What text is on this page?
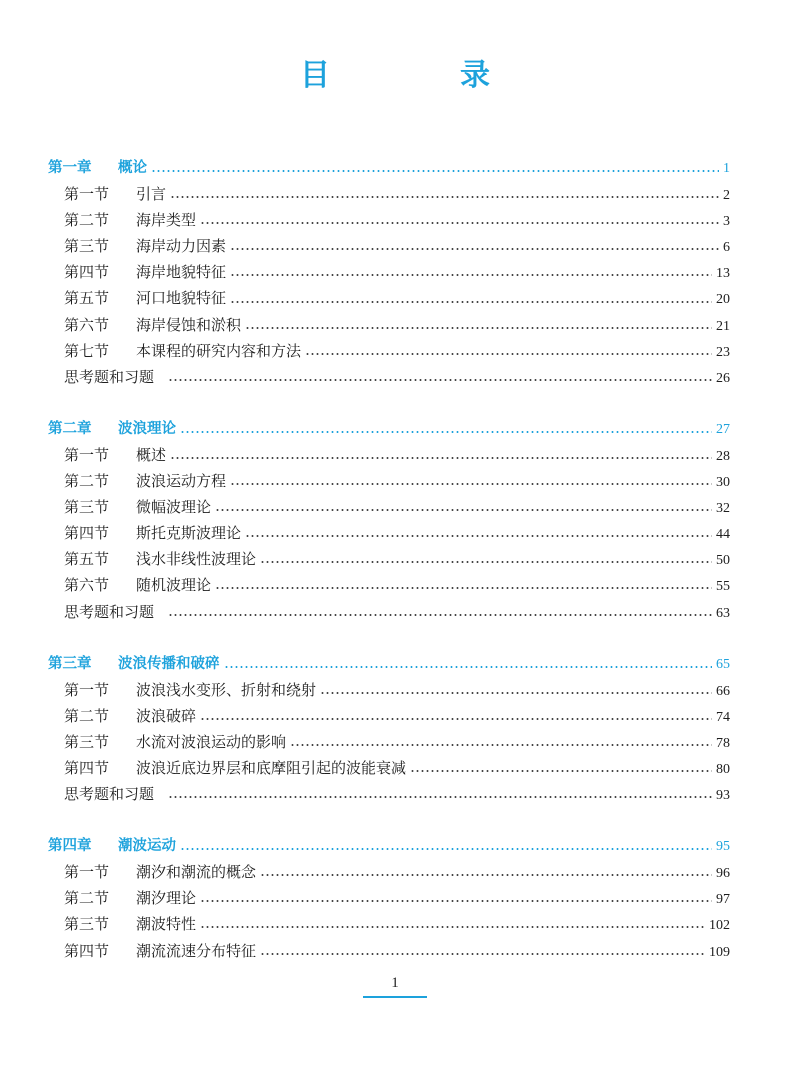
目　录
第一章	概论	1
第一节	引言	2
第二节	海岸类型	3
第三节	海岸动力因素	6
第四节	海岸地貌特征	13
第五节	河口地貌特征	20
第六节	海岸侵蚀和淤积	21
第七节	本课程的研究内容和方法	23
思考题和习题	26
第二章	波浪理论	27
第一节	概述	28
第二节	波浪运动方程	30
第三节	微幅波理论	32
第四节	斯托克斯波理论	44
第五节	浅水非线性波理论	50
第六节	随机波理论	55
思考题和习题	63
第三章	波浪传播和破碎	65
第一节	波浪浅水变形、折射和绕射	66
第二节	波浪破碎	74
第三节	水流对波浪运动的影响	78
第四节	波浪近底边界层和底摩阻引起的波能衰减	80
思考题和习题	93
第四章	潮波运动	95
第一节	潮汐和潮流的概念	96
第二节	潮汐理论	97
第三节	潮波特性	102
第四节	潮流流速分布特征	109
1
